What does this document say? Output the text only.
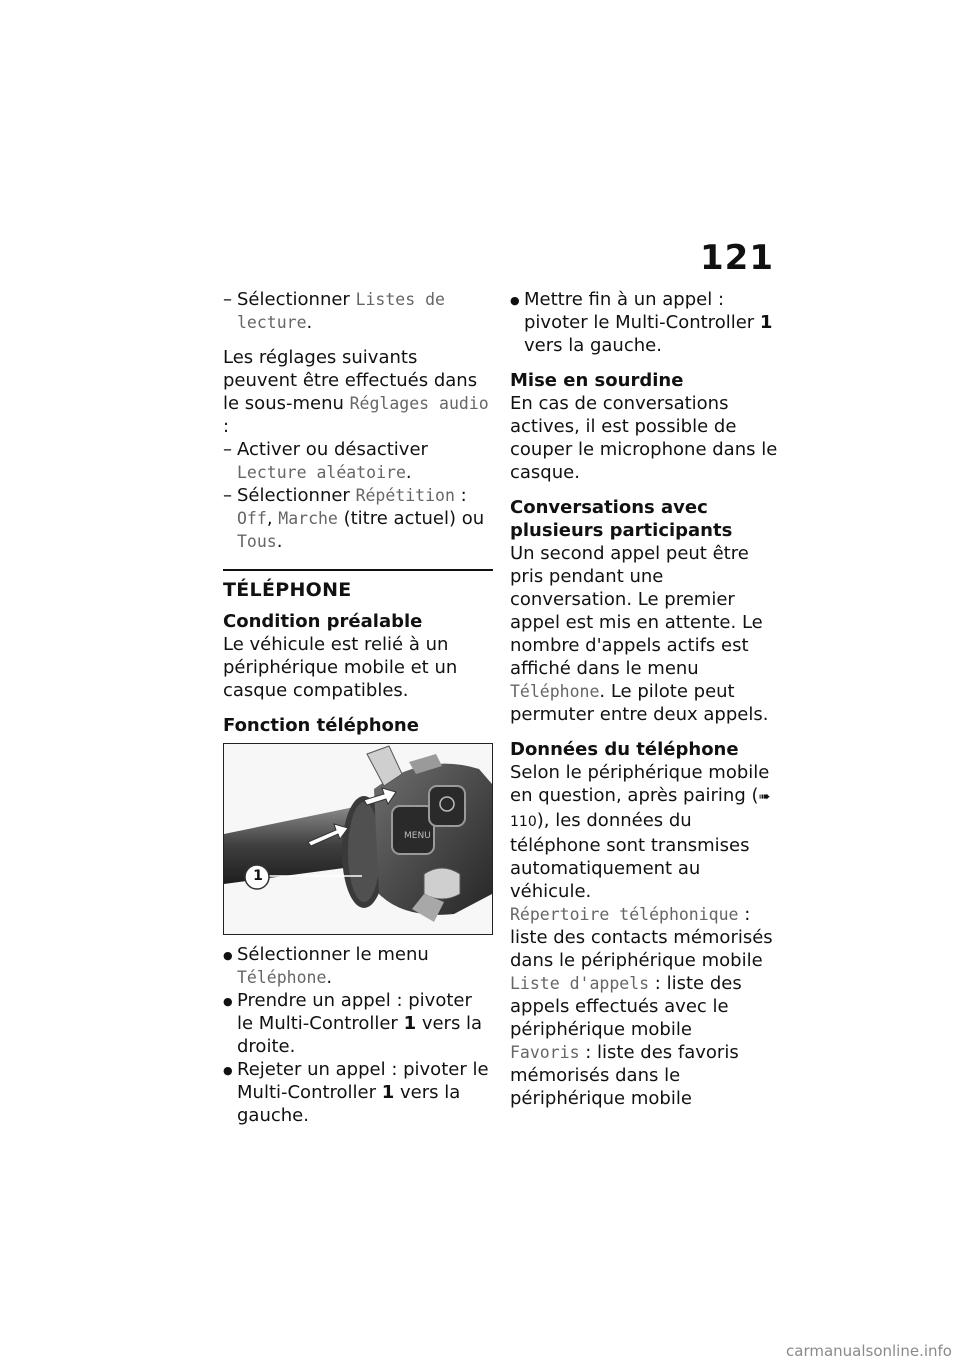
121

– Sélectionner Listes de lecture.

Les réglages suivants peuvent être effectués dans le sous-menu Réglages audio :

– Activer ou désactiver Lecture aléatoire.

– Sélectionner Répétition : Off, Marche (titre actuel) ou Tous.

TÉLÉPHONE

Condition préalable

Le véhicule est relié à un périphérique mobile et un casque compatibles.

Fonction téléphone

MENU
1

● Sélectionner le menu Téléphone.

● Prendre un appel : pivoter le Multi-Controller 1 vers la droite.

● Rejeter un appel : pivoter le Multi-Controller 1 vers la gauche.

● Mettre fin à un appel : pivoter le Multi-Controller 1 vers la gauche.

Mise en sourdine

En cas de conversations actives, il est possible de couper le microphone dans le casque.

Conversations avec plusieurs participants

Un second appel peut être pris pendant une conversation. Le premier appel est mis en attente. Le nombre d'appels actifs est affiché dans le menu Téléphone. Le pilote peut permuter entre deux appels.

Données du téléphone

Selon le périphérique mobile en question, après pairing (➠ 110), les données du téléphone sont transmises automatiquement au véhicule.

Répertoire téléphonique : liste des contacts mémorisés dans le périphérique mobile

Liste d'appels : liste des appels effectués avec le périphérique mobile

Favoris : liste des favoris mémorisés dans le périphérique mobile

carmanualsonline.info
